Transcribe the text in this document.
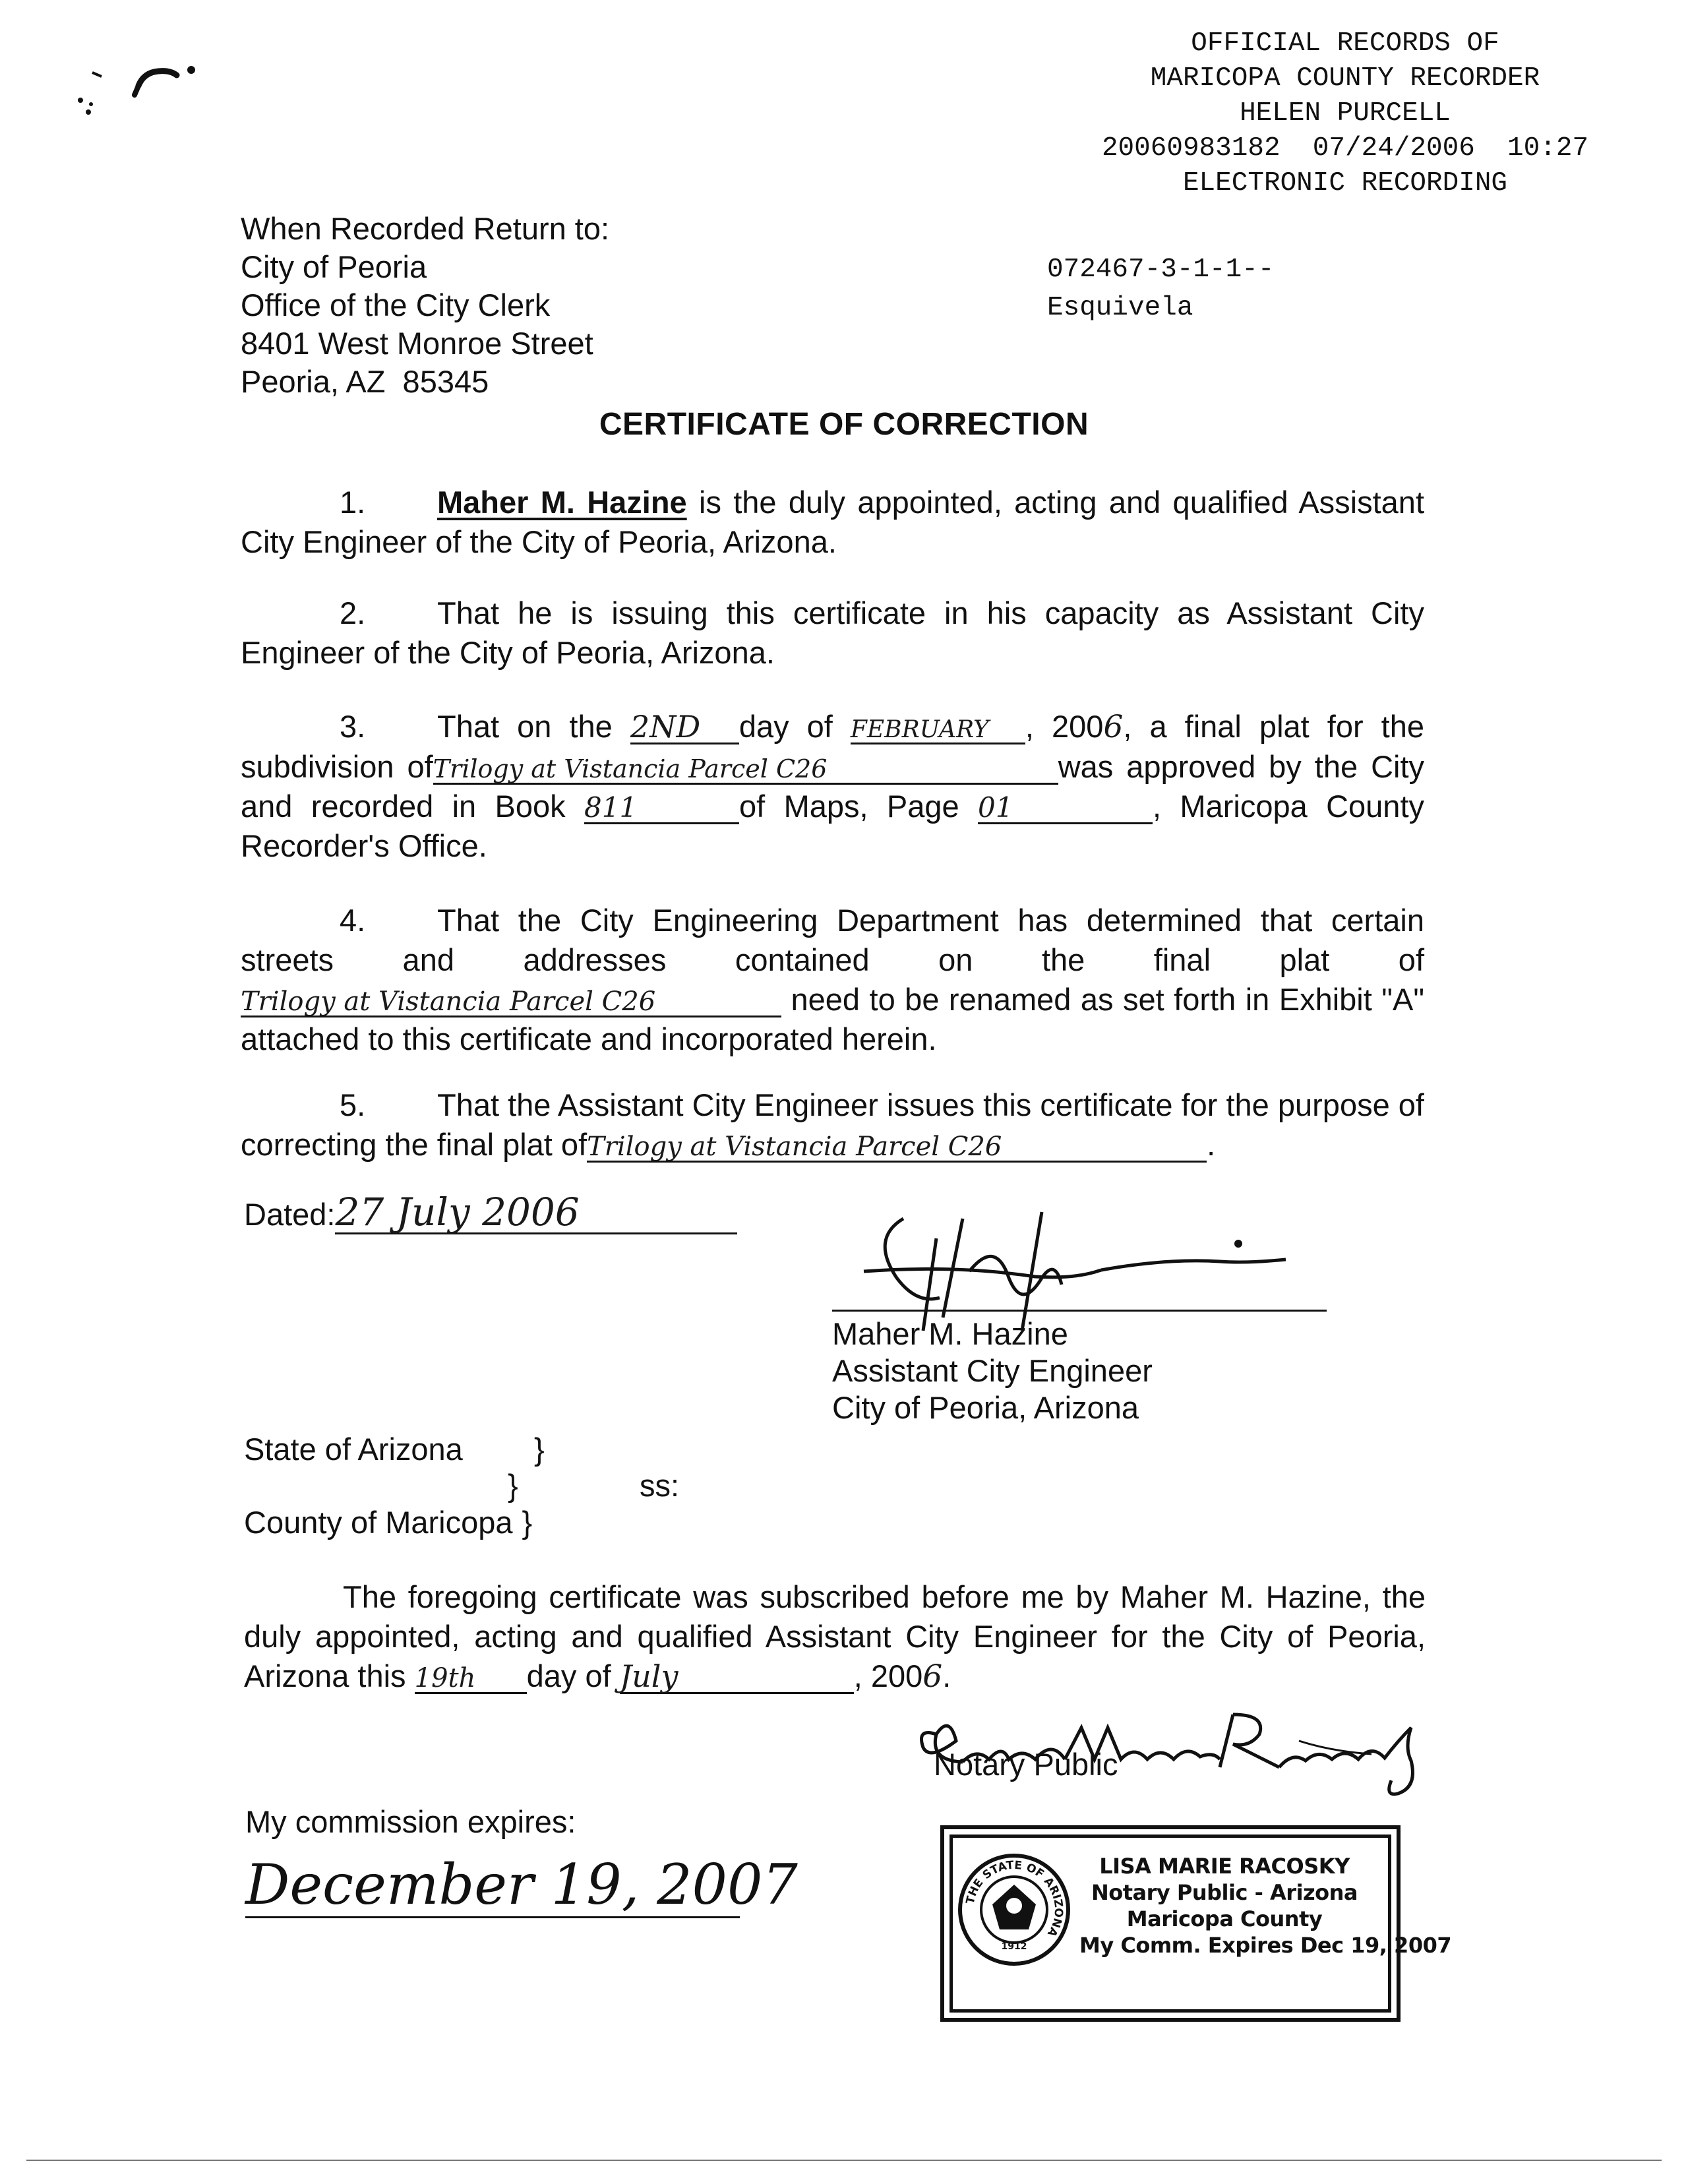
OFFICIAL RECORDS OF
MARICOPA COUNTY RECORDER
HELEN PURCELL
20060983182  07/24/2006  10:27
ELECTRONIC RECORDING
072467-3-1-1--
Esquivela
When Recorded Return to:
City of Peoria
Office of the City Clerk
8401 West Monroe Street
Peoria, AZ  85345
CERTIFICATE OF CORRECTION
1. Maher M. Hazine is the duly appointed, acting and qualified Assistant City Engineer of the City of Peoria, Arizona.
2. That he is issuing this certificate in his capacity as Assistant City Engineer of the City of Peoria, Arizona.
3. That on the 2ND day of FEBRUARY , 2006, a final plat for the subdivision ofTrilogy at Vistancia Parcel C26	was approved by the City and recorded in Book 811	of Maps, Page 01	, Maricopa County Recorder's Office.
4. That the City Engineering Department has determined that certain streets and addresses contained on the final plat of Trilogy at Vistancia Parcel C26	need to be renamed as set forth in Exhibit "A" attached to this certificate and incorporated herein.
5. That the Assistant City Engineer issues this certificate for the purpose of correcting the final plat ofTrilogy at Vistancia Parcel C26	.
Dated:27 July 2006
Maher M. Hazine
Assistant City Engineer
City of Peoria, Arizona
State of Arizona }
}	ss:
County of Maricopa }
The foregoing certificate was subscribed before me by Maher M. Hazine, the duly appointed, acting and qualified Assistant City Engineer for the City of Peoria, Arizona this 19th day of July	, 2006.
Notary Public
My commission expires:
December 19, 2007	THE STATE OF ARIZONA
1912
LISA MARIE RACOSKY
Notary Public - Arizona
Maricopa County
My Comm. Expires Dec 19, 2007
